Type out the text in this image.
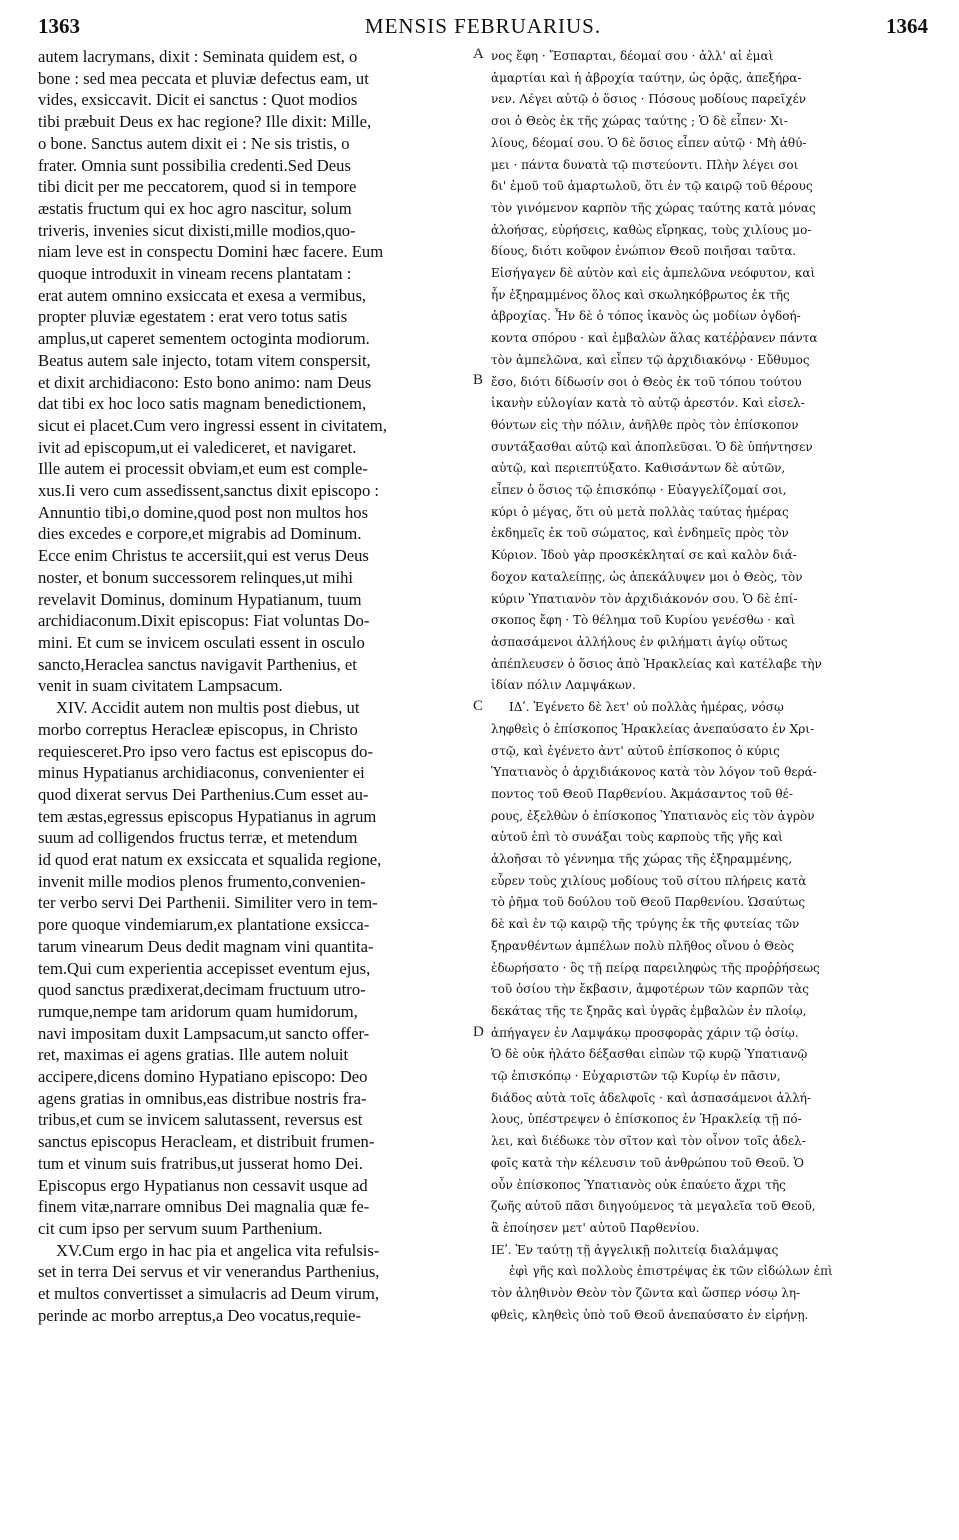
1363	MENSIS FEBRUARIUS.	1364
A
B
C
D
autem lacrymans, dixit : Seminata quidem est, o
bone : sed mea peccata et pluviæ defectus eam, ut
vides, exsiccavit. Dicit ei sanctus : Quot modios
tibi præbuit Deus ex hac regione? Ille dixit: Mille,
o bone. Sanctus autem dixit ei : Ne sis tristis, o
frater. Omnia sunt possibilia credenti.Sed Deus
tibi dicit per me peccatorem, quod si in tempore
æstatis fructum qui ex hoc agro nascitur, solum
triveris, invenies sicut dixisti,mille modios,quo-
niam leve est in conspectu Domini hæc facere. Eum
quoque introduxit in vineam recens plantatam :
erat autem omnino exsiccata et exesa a vermibus,
propter pluviæ egestatem : erat vero totus satis
amplus,ut caperet sementem octoginta modiorum.
Beatus autem sale injecto, totam vitem conspersit,
et dixit archidiacono: Esto bono animo: nam Deus
dat tibi ex hoc loco satis magnam benedictionem,
sicut ei placet.Cum vero ingressi essent in civitatem,
ivit ad episcopum,ut ei valediceret, et navigaret.
Ille autem ei processit obviam,et eum est comple-
xus.Ii vero cum assedissent,sanctus dixit episcopo :
Annuntio tibi,o domine,quod post non multos hos
dies excedes e corpore,et migrabis ad Dominum.
Ecce enim Christus te accersiit,qui est verus Deus
noster, et bonum successorem relinques,ut mihi
revelavit Dominus, dominum Hypatianum, tuum
archidiaconum.Dixit episcopus: Fiat voluntas Do-
mini. Et cum se invicem osculati essent in osculo
sancto,Heraclea sanctus navigavit Parthenius, et
venit in suam civitatem Lampsacum.
XIV. Accidit autem non multis post diebus, ut
morbo correptus Heracleæ episcopus, in Christo
requiesceret.Pro ipso vero factus est episcopus do-
minus Hypatianus archidiaconus, convenienter ei
quod dixerat servus Dei Parthenius.Cum esset au-
tem æstas,egressus episcopus Hypatianus in agrum
suum ad colligendos fructus terræ, et metendum
id quod erat natum ex exsiccata et squalida regione,
invenit mille modios plenos frumento,convenien-
ter verbo servi Dei Parthenii. Similiter vero in tem-
pore quoque vindemiarum,ex plantatione exsicca-
tarum vinearum Deus dedit magnam vini quantita-
tem.Qui cum experientia accepisset eventum ejus,
quod sanctus prædixerat,decimam fructuum utro-
rumque,nempe tam aridorum quam humidorum,
navi impositam duxit Lampsacum,ut sancto offer-
ret, maximas ei agens gratias. Ille autem noluit
accipere,dicens domino Hypatiano episcopo: Deo
agens gratias in omnibus,eas distribue nostris fra-
tribus,et cum se invicem salutassent, reversus est
sanctus episcopus Heracleam, et distribuit frumen-
tum et vinum suis fratribus,ut jusserat homo Dei.
Episcopus ergo Hypatianus non cessavit usque ad
finem vitæ,narrare omnibus Dei magnalia quæ fe-
cit cum ipso per servum suum Parthenium.
XV.Cum ergo in hac pia et angelica vita refulsis-
set in terra Dei servus et vir venerandus Parthenius,
et multos convertisset a simulacris ad Deum virum,
perinde ac morbo arreptus,a Deo vocatus,requie-
νος ἔφη · Ἔσπαρται, δέομαί σου · ἀλλ' αἱ ἐμαὶ
ἁμαρτίαι καὶ ἡ ἀβροχία ταύτην, ὡς ὁρᾷς, ἀπεξήρα-
νεν. Λέγει αὐτῷ ὁ ὅσιος · Πόσους μοδίους παρεῖχέν
σοι ὁ Θεὸς ἐκ τῆς χώρας ταύτης ; Ὁ δὲ εἶπεν· Χι-
λίους, δέομαί σου. Ὁ δὲ ὅσιος εἶπεν αὐτῷ · Μὴ ἀθύ-
μει · πάντα δυνατὰ τῷ πιστεύοντι. Πλὴν λέγει σοι
δι' ἐμοῦ τοῦ ἁμαρτωλοῦ, ὅτι ἐν τῷ καιρῷ τοῦ θέρους
τὸν γινόμενον καρπὸν τῆς χώρας ταύτης κατὰ μόνας
ἀλοήσας, εὑρήσεις, καθὼς εἴρηκας, τοὺς χιλίους μο-
δίους, διότι κοῦφον ἐνώπιον Θεοῦ ποιῆσαι ταῦτα.
Εἰσήγαγεν δὲ αὐτὸν καὶ εἰς ἀμπελῶνα νεόφυτον, καὶ
ἦν ἐξηραμμένος ὅλος καὶ σκωληκόβρωτος ἐκ τῆς
ἀβροχίας. Ἦν δὲ ὁ τόπος ἱκανὸς ὡς μοδίων ὀγδοή-
κοντα σπόρου · καὶ ἐμβαλὼν ἅλας κατέῤῥανεν πάντα
τὸν ἀμπελῶνα, καὶ εἶπεν τῷ ἀρχιδιακόνῳ · Εὔθυμος
ἔσο, διότι δίδωσίν σοι ὁ Θεὸς ἐκ τοῦ τόπου τούτου
ἱκανὴν εὐλογίαν κατὰ τὸ αὐτῷ ἀρεστόν. Καὶ εἰσελ-
θόντων εἰς τὴν πόλιν, ἀνῆλθε πρὸς τὸν ἐπίσκοπον
συντάξασθαι αὐτῷ καὶ ἀποπλεῦσαι. Ὁ δὲ ὑπήντησεν
αὐτῷ, καὶ περιεπτύξατο. Καθισάντων δὲ αὐτῶν,
εἶπεν ὁ ὅσιος τῷ ἐπισκόπῳ · Εὐαγγελίζομαί σοι,
κύρι ὁ μέγας, ὅτι οὐ μετὰ πολλὰς ταύτας ἡμέρας
ἐκδημεῖς ἐκ τοῦ σώματος, καὶ ἐνδημεῖς πρὸς τὸν
Κύριον. Ἰδοὺ γὰρ προσκέκληταί σε καὶ καλὸν διά-
δοχον καταλείπῃς, ὡς ἀπεκάλυψεν μοι ὁ Θεὸς, τὸν
κύριν Ὑπατιανὸν τὸν ἀρχιδιάκονόν σου. Ὁ δὲ ἐπί-
σκοπος ἔφη · Τὸ θέλημα τοῦ Κυρίου γενέσθω · καὶ
ἀσπασάμενοι ἀλλήλους ἐν φιλήματι ἁγίῳ οὕτως
ἀπέπλευσεν ὁ ὅσιος ἀπὸ Ἡρακλείας καὶ κατέλαβε τὴν
ἰδίαν πόλιν Λαμψάκων.
ΙΔʹ. Ἐγένετο δὲ λετ' οὐ πολλὰς ἡμέρας, νόσῳ
ληφθεὶς ὁ ἐπίσκοπος Ἡρακλείας ἀνεπαύσατο ἐν Χρι-
στῷ, καὶ ἐγένετο ἀντ' αὐτοῦ ἐπίσκοπος ὁ κύρις
Ὑπατιανὸς ὁ ἀρχιδιάκονος κατὰ τὸν λόγον τοῦ θερά-
ποντος τοῦ Θεοῦ Παρθενίου. Ἀκμάσαντος τοῦ θέ-
ρους, ἐξελθὼν ὁ ἐπίσκοπος Ὑπατιανὸς εἰς τὸν ἀγρὸν
αὐτοῦ ἐπὶ τὸ συνάξαι τοὺς καρποὺς τῆς γῆς καὶ
ἀλοῆσαι τὸ γέννημα τῆς χώρας τῆς ἐξηραμμένης,
εὗρεν τοὺς χιλίους μοδίους τοῦ σίτου πλήρεις κατὰ
τὸ ῥῆμα τοῦ δούλου τοῦ Θεοῦ Παρθενίου. Ὡσαύτως
δὲ καὶ ἐν τῷ καιρῷ τῆς τρύγης ἐκ τῆς φυτείας τῶν
ξηρανθέντων ἀμπέλων πολὺ πλῆθος οἴνου ὁ Θεὸς
ἐδωρήσατο · ὃς τῇ πείρᾳ παρειληφὼς τῆς προῤῥήσεως
τοῦ ὁσίου τὴν ἔκβασιν, ἀμφοτέρων τῶν καρπῶν τὰς
δεκάτας τῆς τε ξηρᾶς καὶ ὑγρᾶς ἐμβαλὼν ἐν πλοίῳ,
ἀπήγαγεν ἐν Λαμψάκῳ προσφορὰς χάριν τῷ ὁσίῳ.
Ὁ δὲ οὐκ ἠλάτο δέξασθαι εἰπὼν τῷ κυρῷ Ὑπατιανῷ
τῷ ἐπισκόπῳ · Εὐχαριστῶν τῷ Κυρίῳ ἐν πᾶσιν,
διάδος αὐτὰ τοῖς ἀδελφοῖς · καὶ ἀσπασάμενοι ἀλλή-
λους, ὑπέστρεψεν ὁ ἐπίσκοπος ἐν Ἡρακλείᾳ τῇ πό-
λει, καὶ διέδωκε τὸν σῖτον καὶ τὸν οἶνον τοῖς ἀδελ-
φοῖς κατὰ τὴν κέλευσιν τοῦ ἀνθρώπου τοῦ Θεοῦ. Ὁ
οὖν ἐπίσκοπος Ὑπατιανὸς οὐκ ἐπαύετο ἄχρι τῆς
ζωῆς αὐτοῦ πᾶσι διηγούμενος τὰ μεγαλεῖα τοῦ Θεοῦ,
ἃ ἐποίησεν μετ' αὐτοῦ Παρθενίου.
ΙΕʹ. Ἐν ταύτῃ τῇ ἀγγελικῇ πολιτείᾳ διαλάμψας
ἐφὶ γῆς καὶ πολλοὺς ἐπιστρέψας ἐκ τῶν εἰδώλων ἐπὶ
τὸν ἀληθινὸν Θεὸν τὸν ζῶντα καὶ ὥσπερ νόσῳ λη-
φθεὶς, κληθεὶς ὑπὸ τοῦ Θεοῦ ἀνεπαύσατο ἐν εἰρήνῃ.
